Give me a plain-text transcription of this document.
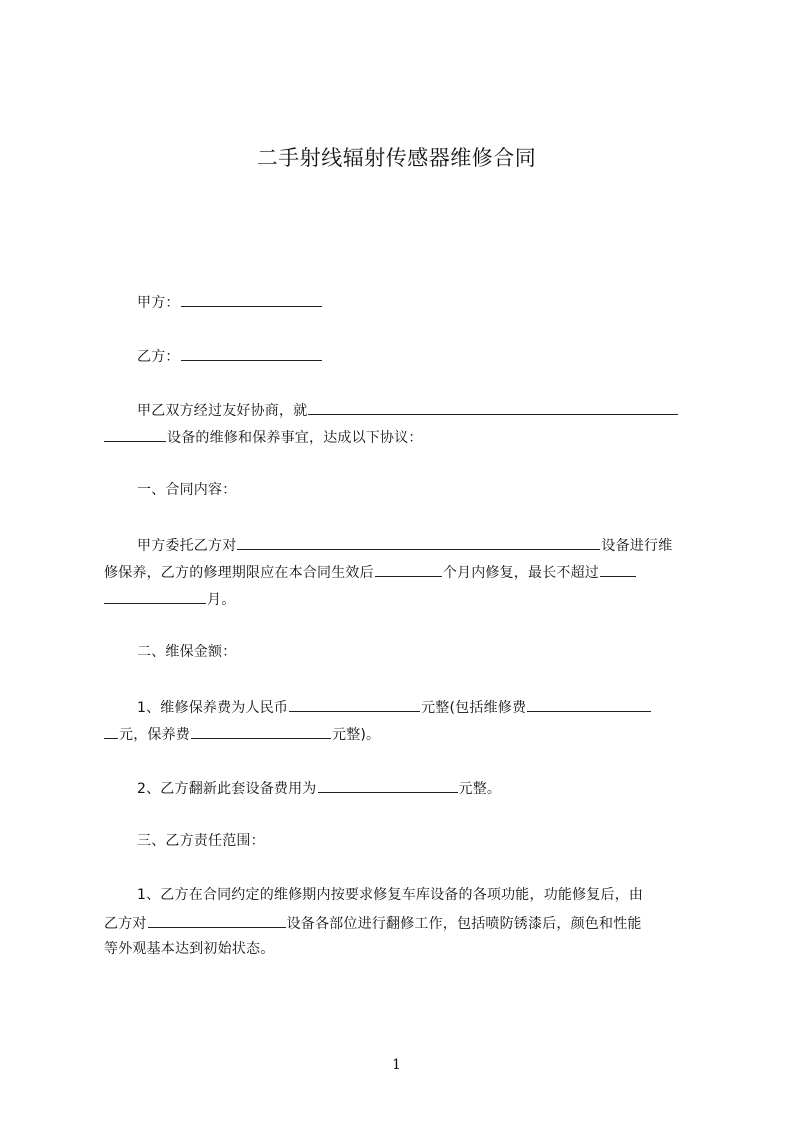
二手射线辐射传感器维修合同
甲方：
乙方：
甲乙双方经过友好协商，就
设备的维修和保养事宜，达成以下协议：
一、合同内容：
甲方委托乙方对	设备进行维
修保养，乙方的修理期限应在本合同生效后	个月内修复，最长不超过
月。
二、维保金额：
1、维修保养费为人民币	元整(包括维修费
元，保养费	元整)。
2、乙方翻新此套设备费用为	元整。
三、乙方责任范围：
1、乙方在合同约定的维修期内按要求修复车库设备的各项功能，功能修复后，由
乙方对	设备各部位进行翻修工作，包括喷防锈漆后，颜色和性能
等外观基本达到初始状态。
1
